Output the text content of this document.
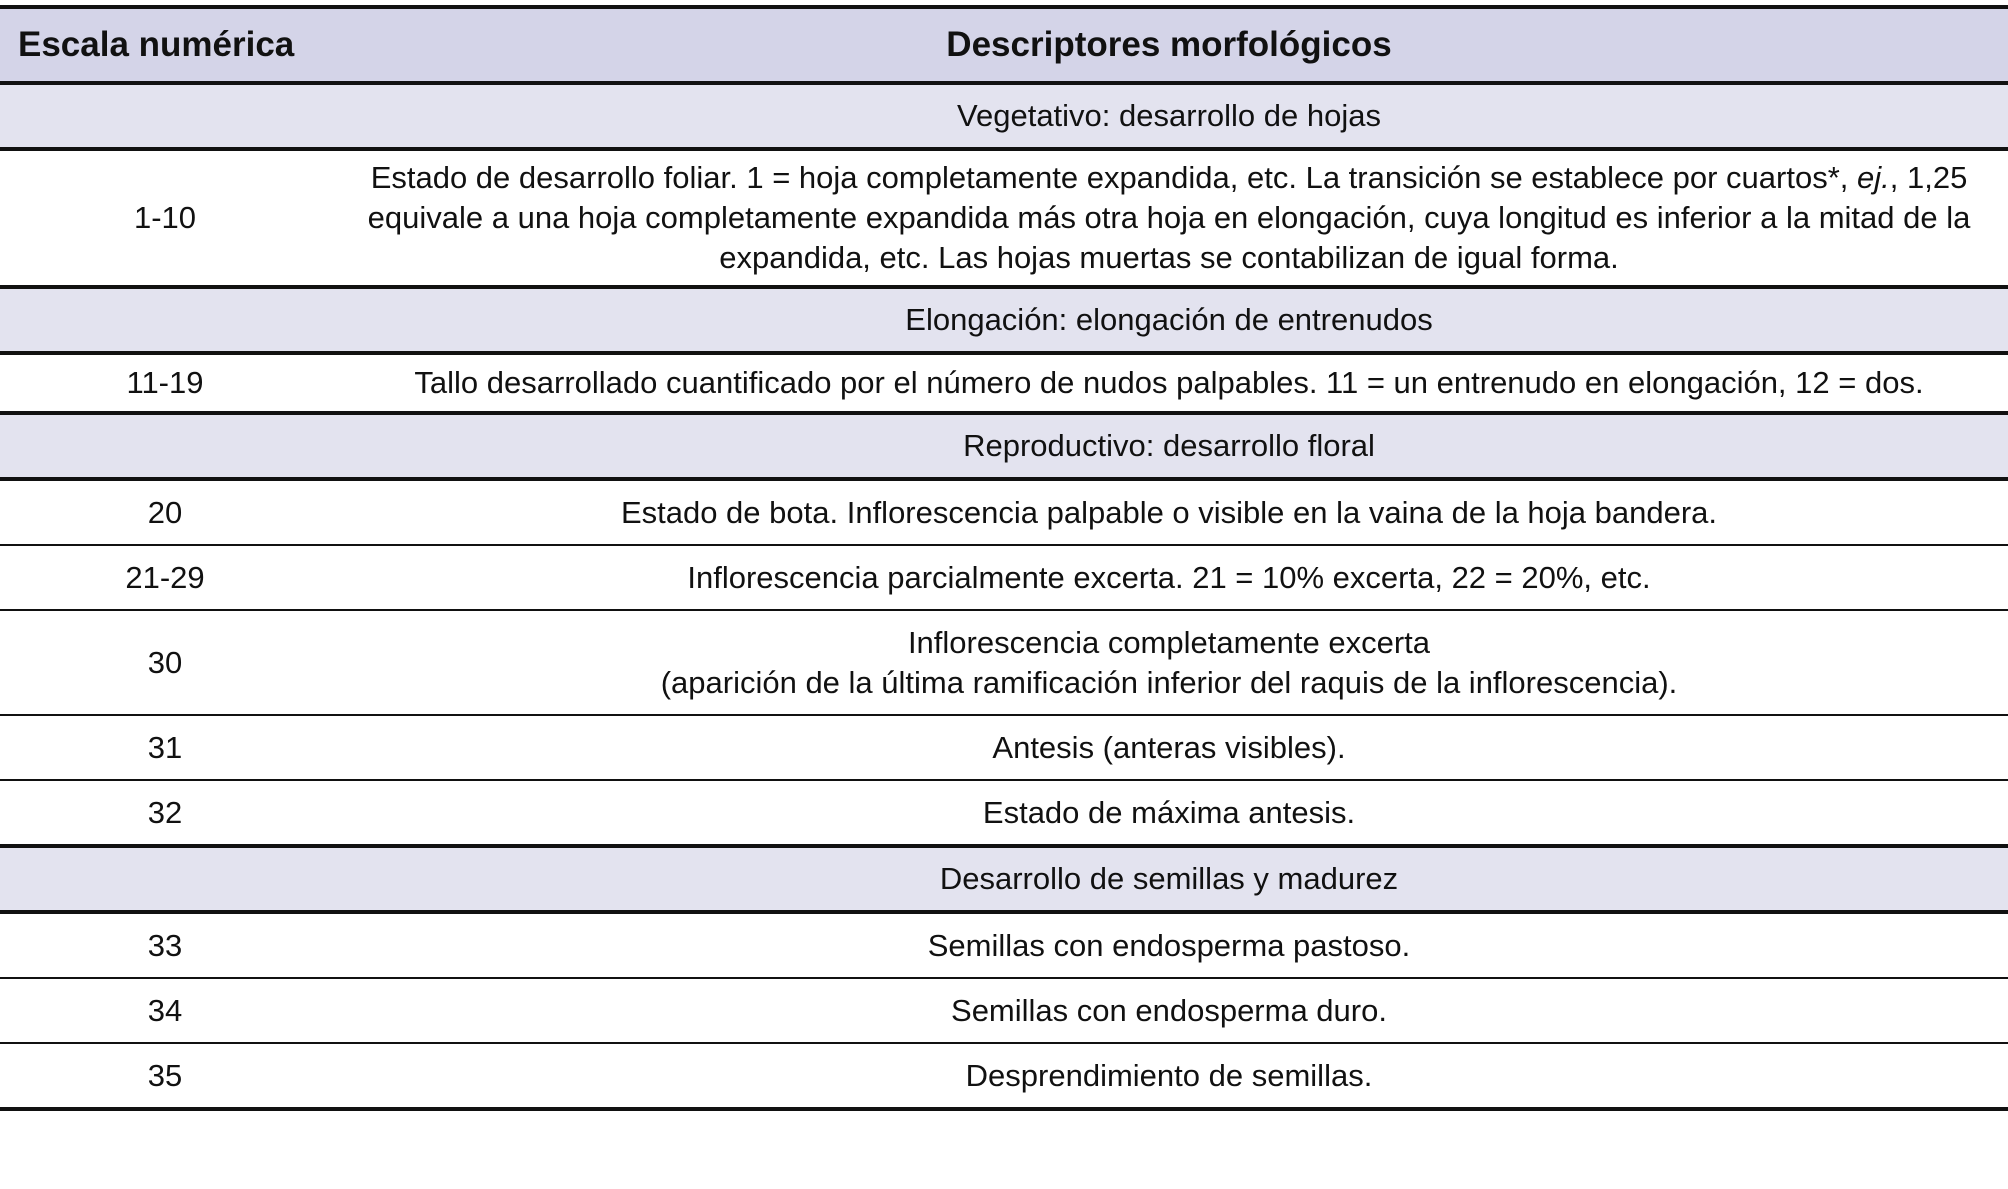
Escala numérica	Descriptores morfológicos
	Vegetativo: desarrollo de hojas
1-10	Estado de desarrollo foliar. 1 = hoja completamente expandida, etc. La transición se establece por cuartos*, ej., 1,25 equivale a una hoja completamente expandida más otra hoja en elongación, cuya longitud es inferior a la mitad de la expandida, etc. Las hojas muertas se contabilizan de igual forma.
	Elongación: elongación de entrenudos
11-19	Tallo desarrollado cuantificado por el número de nudos palpables. 11 = un entrenudo en elongación, 12 = dos.
	Reproductivo: desarrollo floral
20	Estado de bota. Inflorescencia palpable o visible en la vaina de la hoja bandera.
21-29	Inflorescencia parcialmente excerta. 21 = 10% excerta, 22 = 20%, etc.
30	Inflorescencia completamente excerta
(aparición de la última ramificación inferior del raquis de la inflorescencia).
31	Antesis (anteras visibles).
32	Estado de máxima antesis.
	Desarrollo de semillas y madurez
33	Semillas con endosperma pastoso.
34	Semillas con endosperma duro.
35	Desprendimiento de semillas.
